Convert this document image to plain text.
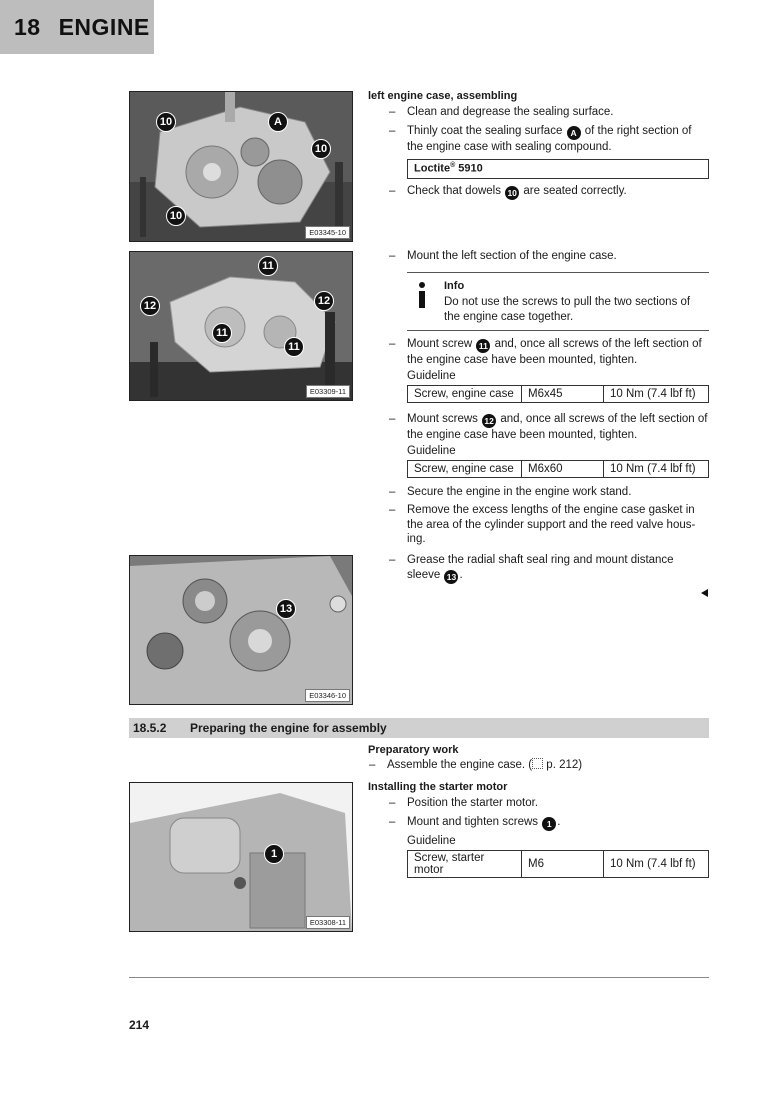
18 ENGINE
10	A
10
10
E03345-10
11
12	12
11
11
E03309-11
13
E03346-10
1
E03308-11
left engine case, assembling
– Clean and degrease the sealing surface.
– Thinly coat the sealing surface A of the right section of the engine case with sealing compound.
Loctite® 5910
– Check that dowels 10 are seated correctly.
– Mount the left section of the engine case.
Info
Do not use the screws to pull the two sections of the engine case together.
– Mount screw 11 and, once all screws of the left section of the engine case have been mounted, tighten.
Guideline
Screw, engine case	M6x45	10 Nm (7.4 lbf ft)
– Mount screws 12 and, once all screws of the left section of the engine case have been mounted, tighten.
Guideline
Screw, engine case	M6x60	10 Nm (7.4 lbf ft)
– Secure the engine in the engine work stand.
– Remove the excess lengths of the engine case gasket in the area of the cylinder support and the reed valve hous-ing.
– Grease the radial shaft seal ring and mount distance sleeve 13 .
18.5.2	Preparing the engine for assembly
Preparatory work
– Assemble the engine case. ( p. 212)
Installing the starter motor
– Position the starter motor.
– Mount and tighten screws 1 .
Guideline
Screw, starter motor	M6	10 Nm (7.4 lbf ft)
214
